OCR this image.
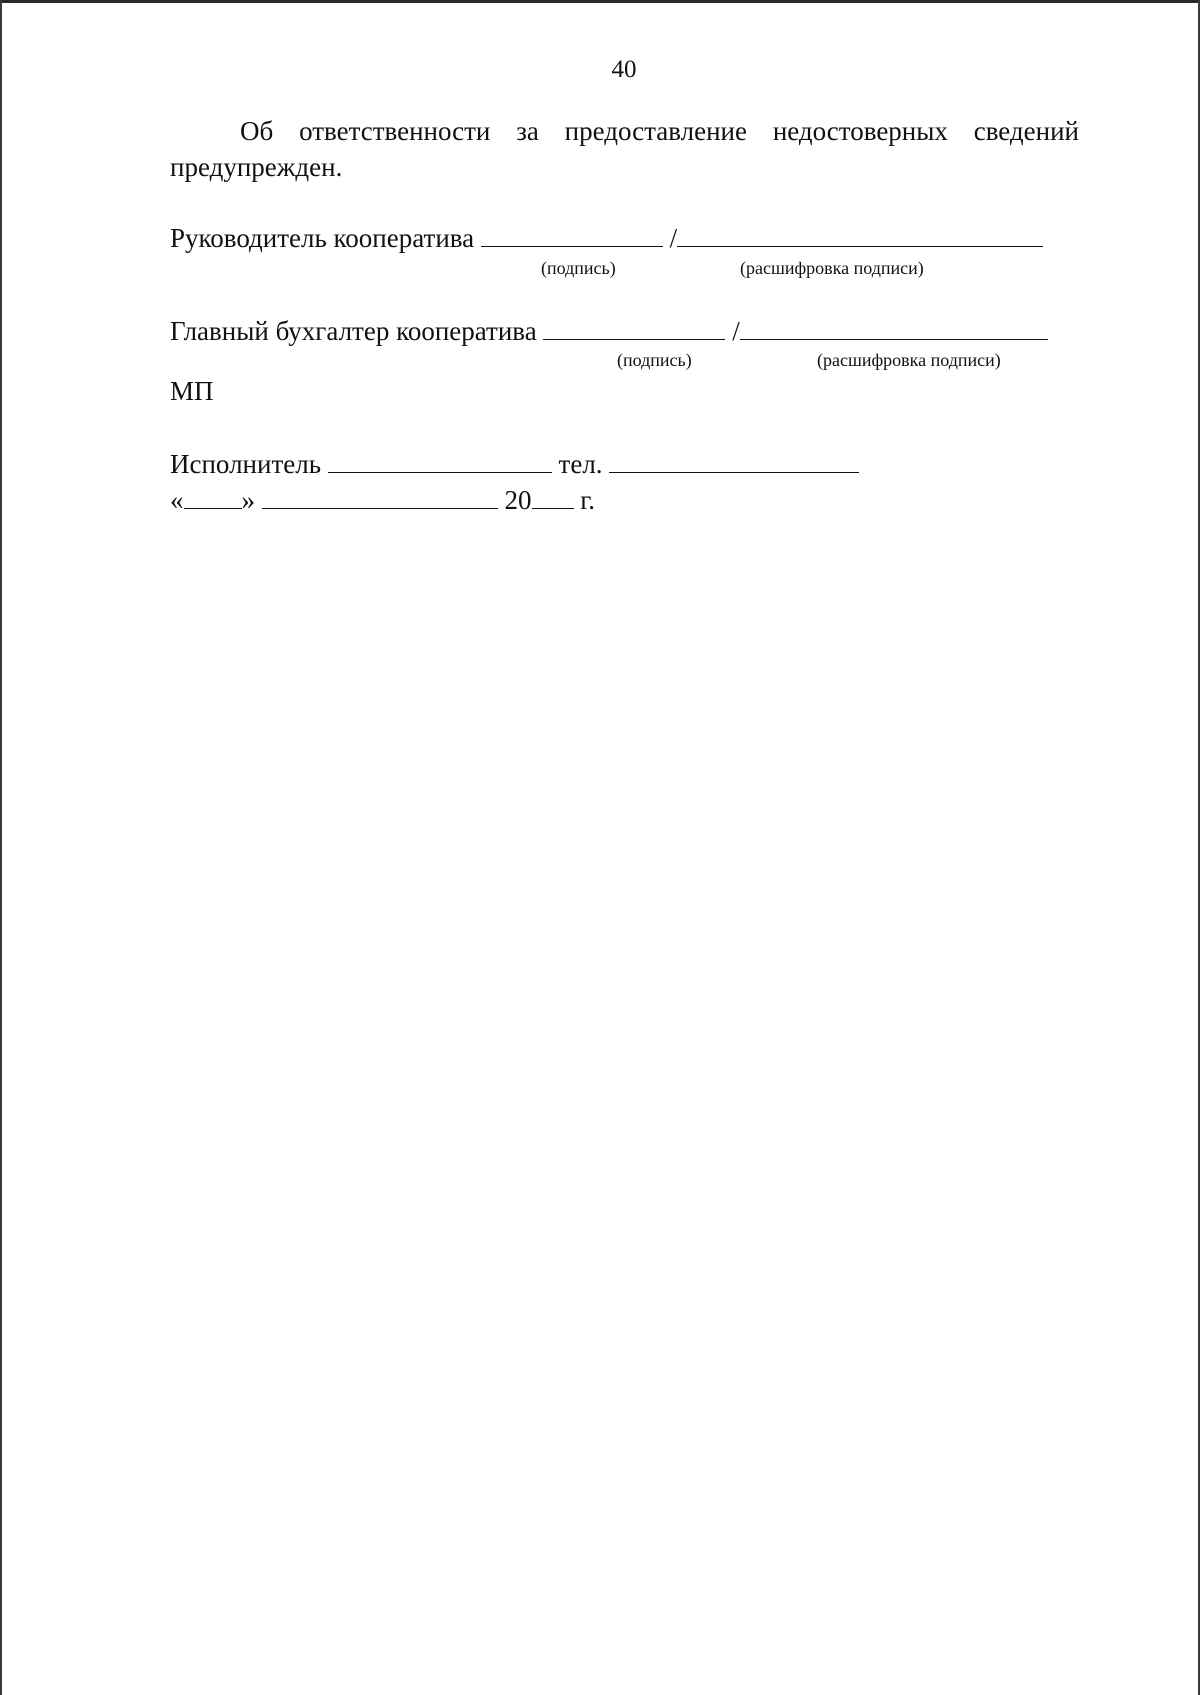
40
Об ответственности за предоставление недостоверных сведений
предупрежден.
Руководитель кооператива	/
(подпись)	(расшифровка подписи)
Главный бухгалтер кооператива	/
(подпись)	(расшифровка подписи)
МП
Исполнитель	тел.
« »	20 г.
